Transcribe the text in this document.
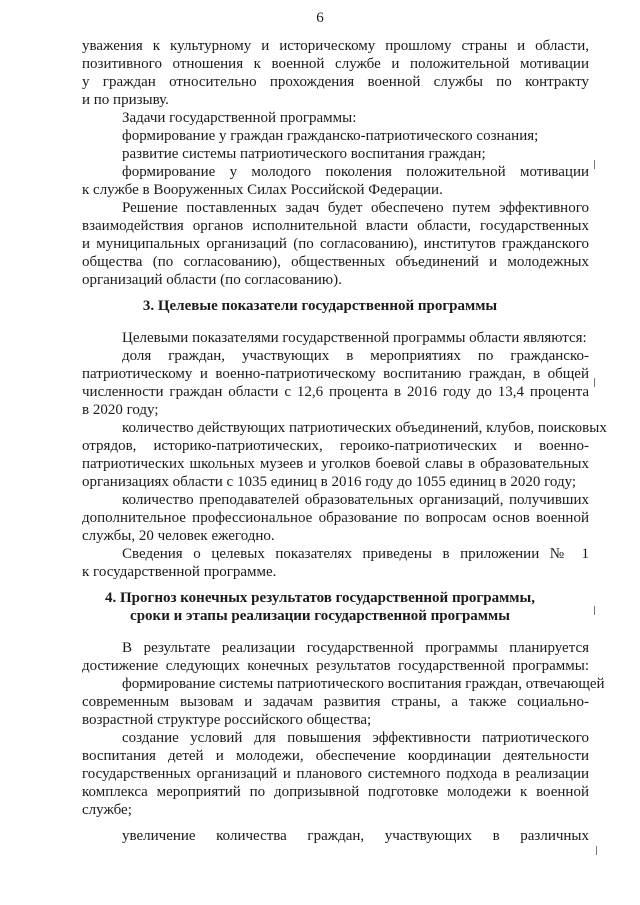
6
уважения к культурному и историческому прошлому страны и области,
позитивного отношения к военной службе и положительной мотивации
у граждан относительно прохождения военной службы по контракту
и по призыву.
Задачи государственной программы:
формирование у граждан гражданско-патриотического сознания;
развитие системы патриотического воспитания граждан;
формирование у молодого поколения положительной мотивации
к службе в Вооруженных Силах Российской Федерации.
Решение поставленных задач будет обеспечено путем эффективного
взаимодействия органов исполнительной власти области, государственных
и муниципальных организаций (по согласованию), институтов гражданского
общества (по согласованию), общественных объединений и молодежных
организаций области (по согласованию).
3. Целевые показатели государственной программы
Целевыми показателями государственной программы области являются:
доля граждан, участвующих в мероприятиях по гражданско-
патриотическому и военно-патриотическому воспитанию граждан, в общей
численности граждан области с 12,6 процента в 2016 году до 13,4 процента
в 2020 году;
количество действующих патриотических объединений, клубов, поисковых
отрядов, историко-патриотических, героико-патриотических и военно-
патриотических школьных музеев и уголков боевой славы в образовательных
организациях области с 1035 единиц в 2016 году до 1055 единиц в 2020 году;
количество преподавателей образовательных организаций, получивших
дополнительное профессиональное образование по вопросам основ военной
службы, 20 человек ежегодно.
Сведения о целевых показателях приведены в приложении № 1
к государственной программе.
4. Прогноз конечных результатов государственной программы,
сроки и этапы реализации государственной программы
В результате реализации государственной программы планируется
достижение следующих конечных результатов государственной программы:
формирование системы патриотического воспитания граждан, отвечающей
современным вызовам и задачам развития страны, а также социально-
возрастной структуре российского общества;
создание условий для повышения эффективности патриотического
воспитания детей и молодежи, обеспечение координации деятельности
государственных организаций и планового системного подхода в реализации
комплекса мероприятий по допризывной подготовке молодежи к военной
службе;
увеличение количества граждан, участвующих в различных
